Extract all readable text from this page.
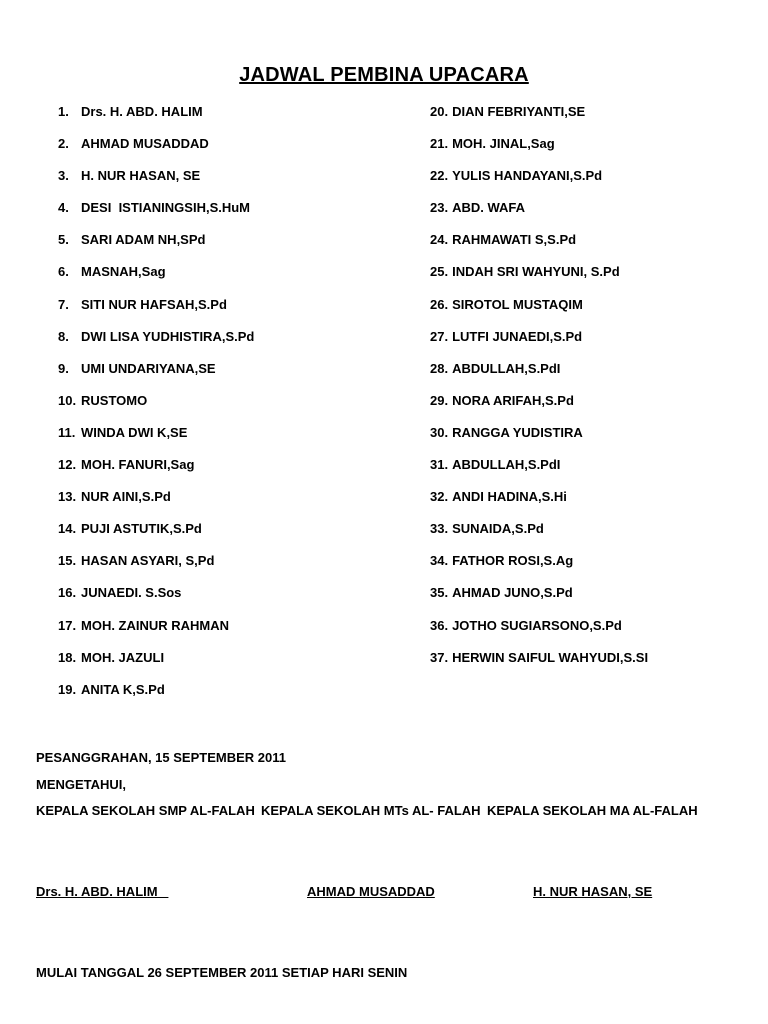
JADWAL PEMBINA UPACARA
1. Drs. H. ABD. HALIM
2. AHMAD MUSADDAD
3. H. NUR HASAN, SE
4. DESI  ISTIANINGSIH,S.HuM
5. SARI ADAM NH,SPd
6. MASNAH,Sag
7. SITI NUR HAFSAH,S.Pd
8. DWI LISA YUDHISTIRA,S.Pd
9. UMI UNDARIYANA,SE
10. RUSTOMO
11. WINDA DWI K,SE
12. MOH. FANURI,Sag
13. NUR AINI,S.Pd
14. PUJI ASTUTIK,S.Pd
15. HASAN ASYARI, S,Pd
16. JUNAEDI. S.Sos
17. MOH. ZAINUR RAHMAN
18. MOH. JAZULI
19. ANITA K,S.Pd
20. DIAN FEBRIYANTI,SE
21. MOH. JINAL,Sag
22. YULIS HANDAYANI,S.Pd
23. ABD. WAFA
24. RAHMAWATI S,S.Pd
25. INDAH SRI WAHYUNI, S.Pd
26. SIROTOL MUSTAQIM
27. LUTFI JUNAEDI,S.Pd
28. ABDULLAH,S.PdI
29. NORA ARIFAH,S.Pd
30. RANGGA YUDISTIRA
31. ABDULLAH,S.PdI
32. ANDI HADINA,S.Hi
33. SUNAIDA,S.Pd
34. FATHOR ROSI,S.Ag
35. AHMAD JUNO,S.Pd
36. JOTHO SUGIARSONO,S.Pd
37. HERWIN SAIFUL WAHYUDI,S.SI
PESANGGRAHAN, 15 SEPTEMBER 2011
MENGETAHUI,
KEPALA SEKOLAH SMP AL-FALAH KEPALA SEKOLAH MTs AL- FALAH KEPALA SEKOLAH MA AL-FALAH
Drs. H. ABD. HALIM	AHMAD MUSADDAD	H. NUR HASAN, SE
MULAI TANGGAL 26 SEPTEMBER 2011 SETIAP HARI SENIN
